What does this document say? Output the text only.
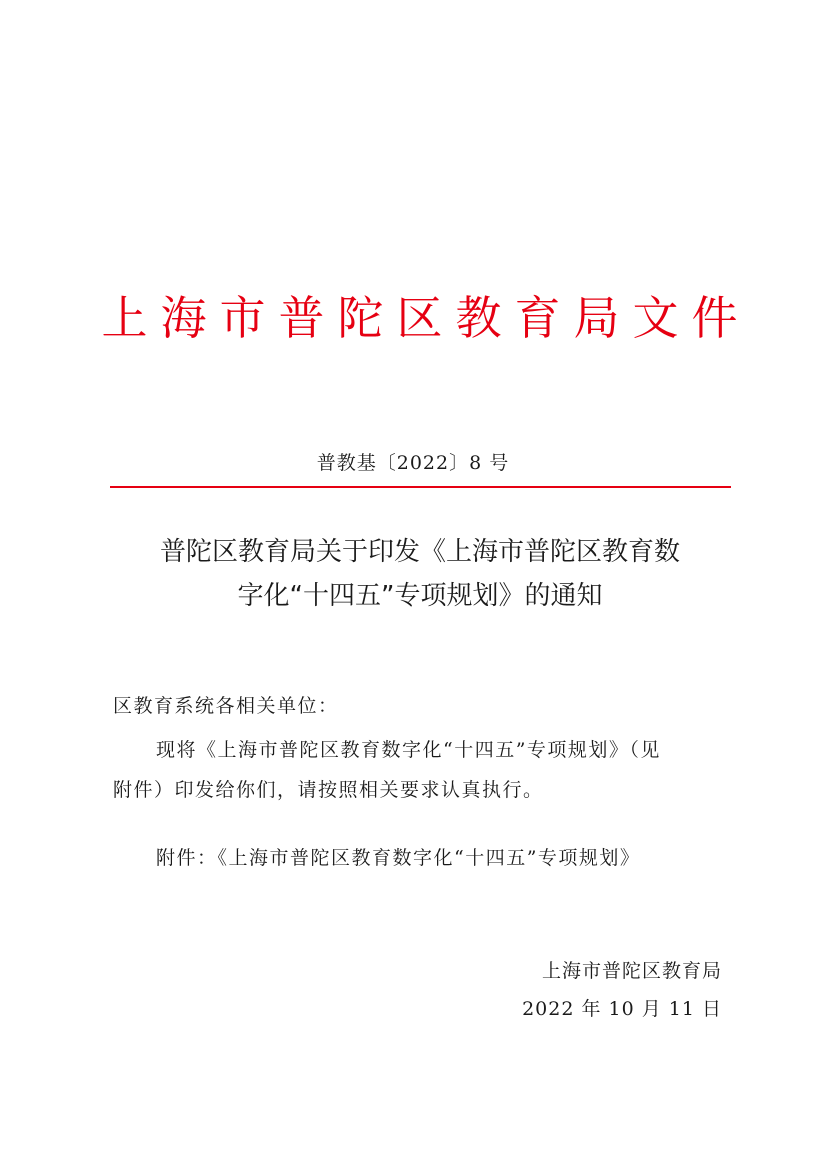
上海市普陀区教育局文件
普教基〔2022〕8 号
普陀区教育局关于印发《上海市普陀区教育数
字化“十四五”专项规划》的通知
区教育系统各相关单位：
现将《上海市普陀区教育数字化“十四五”专项规划》（见
附件）印发给你们，请按照相关要求认真执行。
附件：《上海市普陀区教育数字化“十四五”专项规划》
上海市普陀区教育局
2022 年 10 月 11 日
